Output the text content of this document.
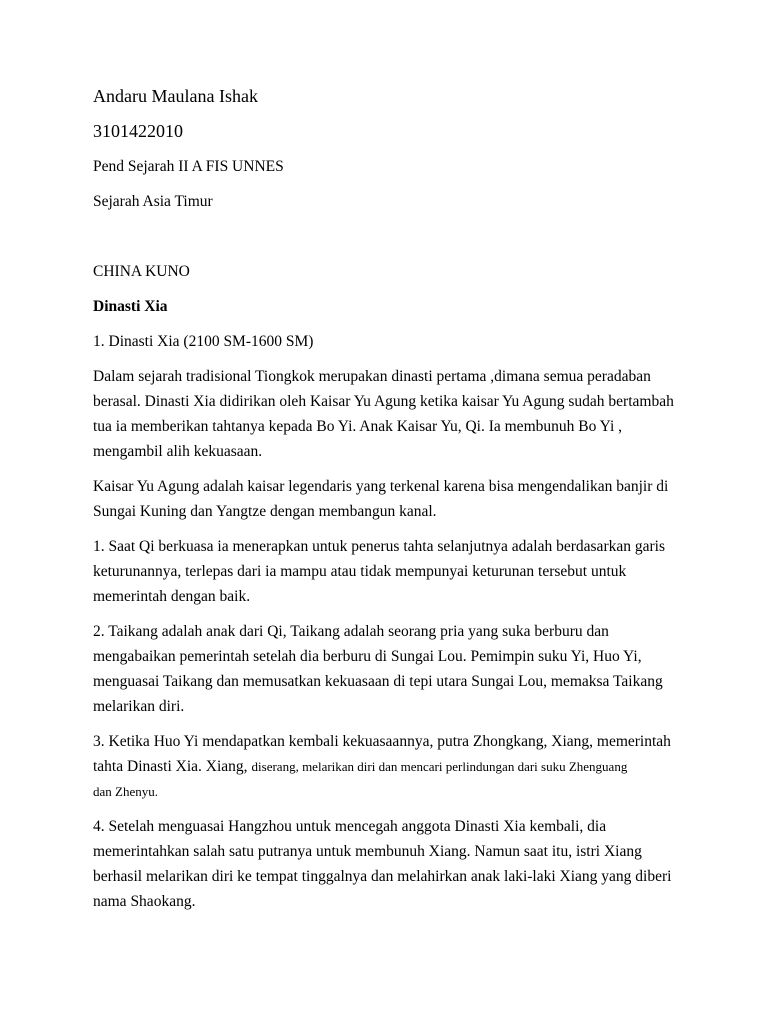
Andaru Maulana Ishak

3101422010

Pend Sejarah II A FIS UNNES

Sejarah Asia Timur

CHINA KUNO

Dinasti Xia

1. Dinasti Xia (2100 SM-1600 SM)

Dalam sejarah tradisional Tiongkok merupakan dinasti pertama ,dimana semua peradaban
berasal. Dinasti Xia didirikan oleh Kaisar Yu Agung ketika kaisar Yu Agung sudah bertambah
tua ia memberikan tahtanya kepada Bo Yi. Anak Kaisar Yu, Qi. Ia membunuh Bo Yi ,
mengambil alih kekuasaan.

Kaisar Yu Agung adalah kaisar legendaris yang terkenal karena bisa mengendalikan banjir di
Sungai Kuning dan Yangtze dengan membangun kanal.

1. Saat Qi berkuasa ia menerapkan untuk penerus tahta selanjutnya adalah berdasarkan garis
keturunannya, terlepas dari ia mampu atau tidak mempunyai keturunan tersebut untuk
memerintah dengan baik.

2. Taikang adalah anak dari Qi, Taikang adalah seorang pria yang suka berburu dan
mengabaikan pemerintah setelah dia berburu di Sungai Lou. Pemimpin suku Yi, Huo Yi,
menguasai Taikang dan memusatkan kekuasaan di tepi utara Sungai Lou, memaksa Taikang
melarikan diri.

3. Ketika Huo Yi mendapatkan kembali kekuasaannya, putra Zhongkang, Xiang, memerintah
tahta Dinasti Xia. Xiang, diserang, melarikan diri dan mencari perlindungan dari suku Zhenguang
dan Zhenyu.

4. Setelah menguasai Hangzhou untuk mencegah anggota Dinasti Xia kembali, dia
memerintahkan salah satu putranya untuk membunuh Xiang. Namun saat itu, istri Xiang
berhasil melarikan diri ke tempat tinggalnya dan melahirkan anak laki-laki Xiang yang diberi
nama Shaokang.
